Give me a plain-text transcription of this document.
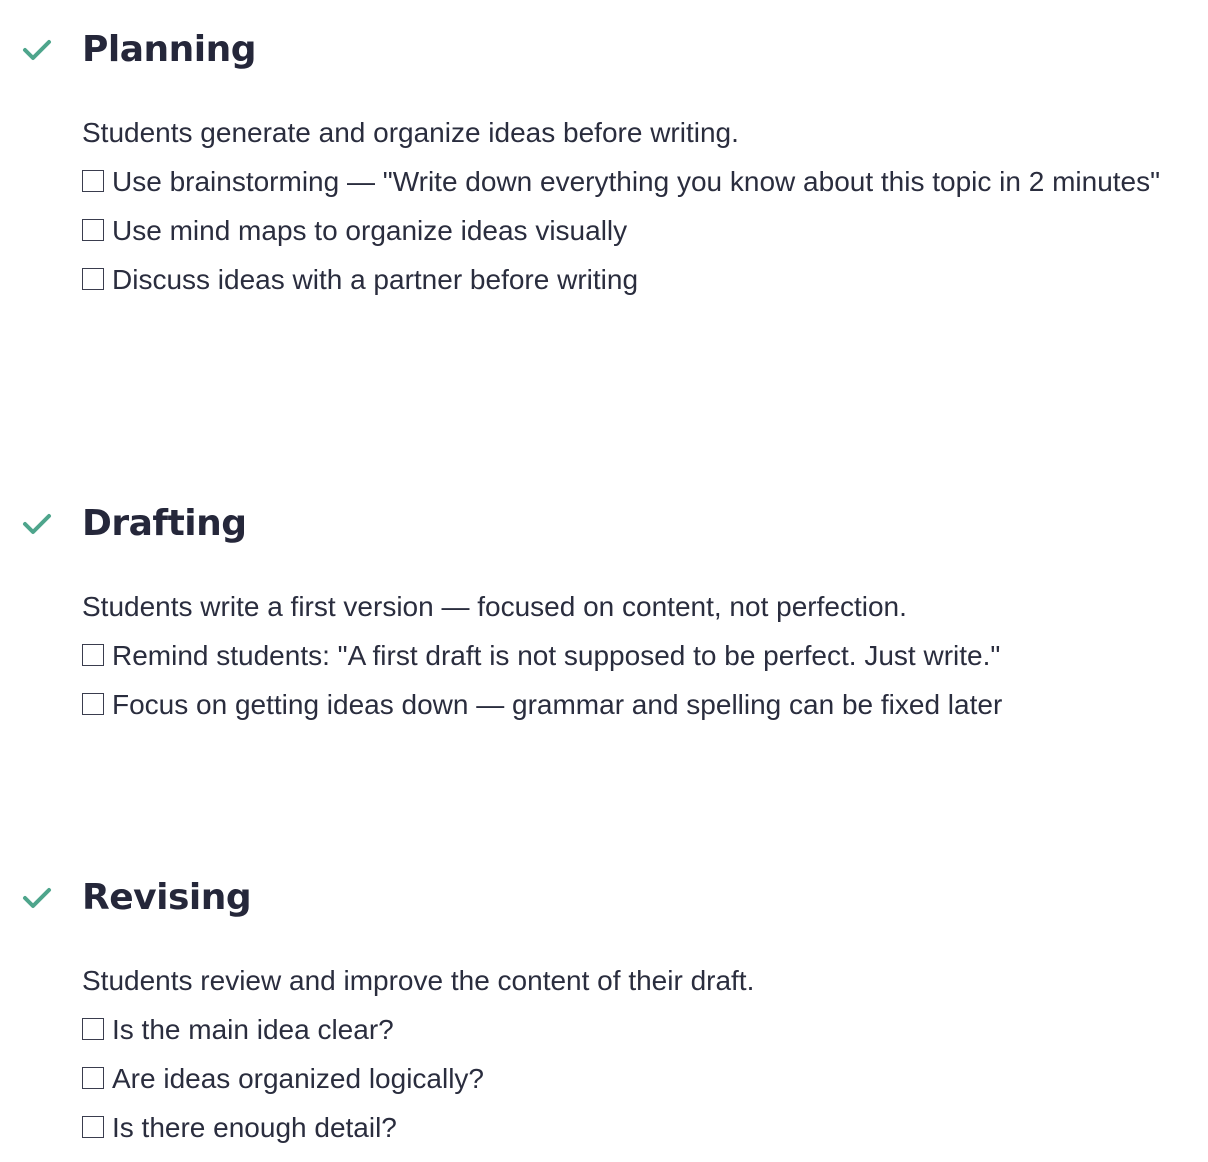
Planning

Students generate and organize ideas before writing.

Use brainstorming — "Write down everything you know about this topic in 2 minutes"
Use mind maps to organize ideas visually
Discuss ideas with a partner before writing
Drafting

Students write a first version — focused on content, not perfection.

Remind students: "A first draft is not supposed to be perfect. Just write."
Focus on getting ideas down — grammar and spelling can be fixed later
Revising

Students review and improve the content of their draft.

Is the main idea clear?
Are ideas organized logically?
Is there enough detail?
